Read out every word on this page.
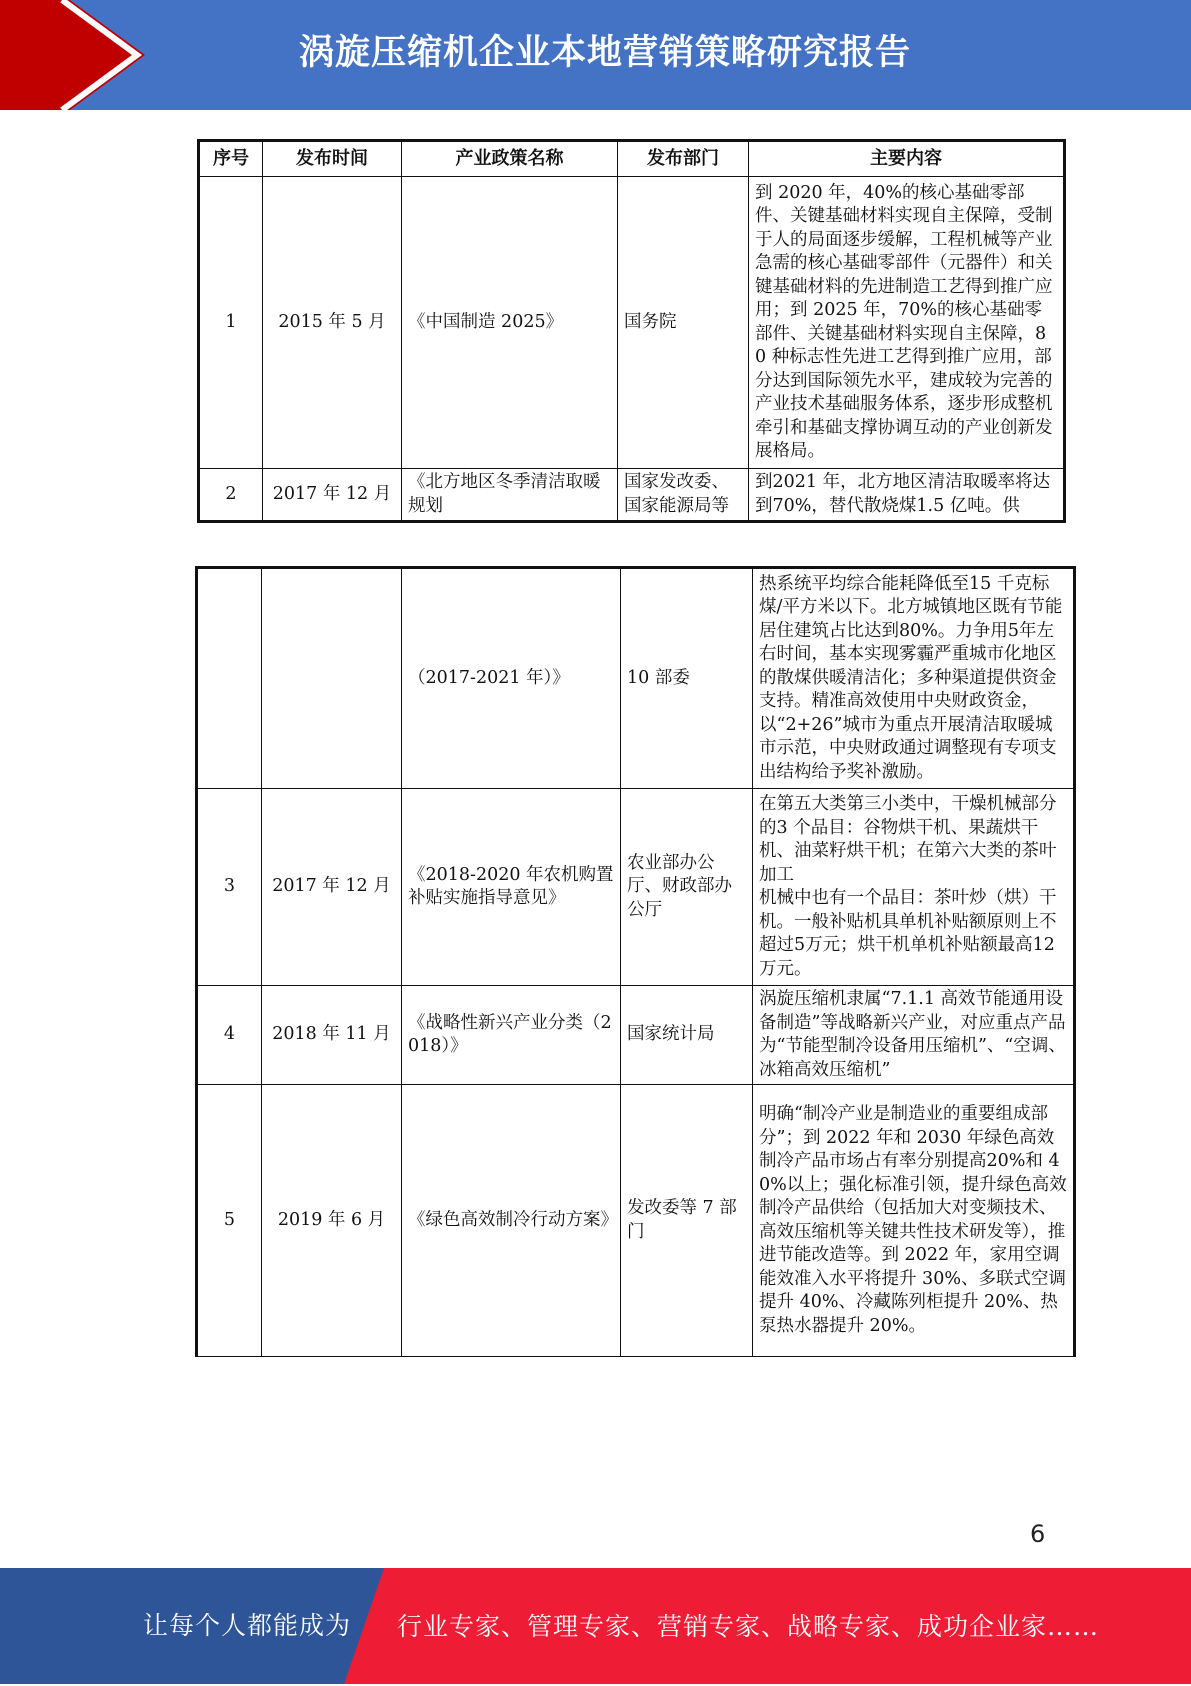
涡旋压缩机企业本地营销策略研究报告
序号	发布时间	产业政策名称	发布部门	主要内容
1	2015 年 5 月	《中国制造 2025》	国务院	到 2020 年，40%的核心基础零部件、关键基础材料实现自主保障，受制于人的局面逐步缓解，工程机械等产业急需的核心基础零部件（元器件）和关键基础材料的先进制造工艺得到推广应用；到 2025 年，70%的核心基础零部件、关键基础材料实现自主保障，80 种标志性先进工艺得到推广应用，部分达到国际领先水平，建成较为完善的产业技术基础服务体系，逐步形成整机牵引和基础支撑协调互动的产业创新发展格局。
2	2017 年 12 月	《北方地区冬季清洁取暖规划	国家发改委、国家能源局等	到2021 年，北方地区清洁取暖率将达到70%，替代散烧煤1.5 亿吨。供
		（2017-2021 年）》	10 部委	热系统平均综合能耗降低至15 千克标煤/平方米以下。北方城镇地区既有节能居住建筑占比达到80%。力争用5年左右时间，基本实现雾霾严重城市化地区的散煤供暖清洁化；多种渠道提供资金支持。精准高效使用中央财政资金，以“2+26”城市为重点开展清洁取暖城市示范，中央财政通过调整现有专项支出结构给予奖补激励。
3	2017 年 12 月	《2018-2020 年农机购置补贴实施指导意见》	农业部办公厅、财政部办公厅	在第五大类第三小类中，干燥机械部分的3 个品目：谷物烘干机、果蔬烘干机、油菜籽烘干机；在第六大类的茶叶加工
机械中也有一个品目：茶叶炒（烘）干机。一般补贴机具单机补贴额原则上不超过5万元；烘干机单机补贴额最高12万元。

4	2018 年 11 月	《战略性新兴产业分类（2018）》	国家统计局	涡旋压缩机隶属“7.1.1 高效节能通用设备制造”等战略新兴产业，对应重点产品为“节能型制冷设备用压缩机”、“空调、冰箱高效压缩机”
5	2019 年 6 月	《绿色高效制冷行动方案》	发改委等 7 部门	明确“制冷产业是制造业的重要组成部分”；到 2022 年和 2030 年绿色高效制冷产品市场占有率分别提高20%和 40%以上；强化标准引领，提升绿色高效制冷产品供给（包括加大对变频技术、高效压缩机等关键共性技术研发等），推进节能改造等。到 2022 年，家用空调能效准入水平将提升 30%、多联式空调提升 40%、冷藏陈列柜提升 20%、热泵热水器提升 20%。
6
让每个人都能成为 行业专家、管理专家、营销专家、战略专家、成功企业家……
